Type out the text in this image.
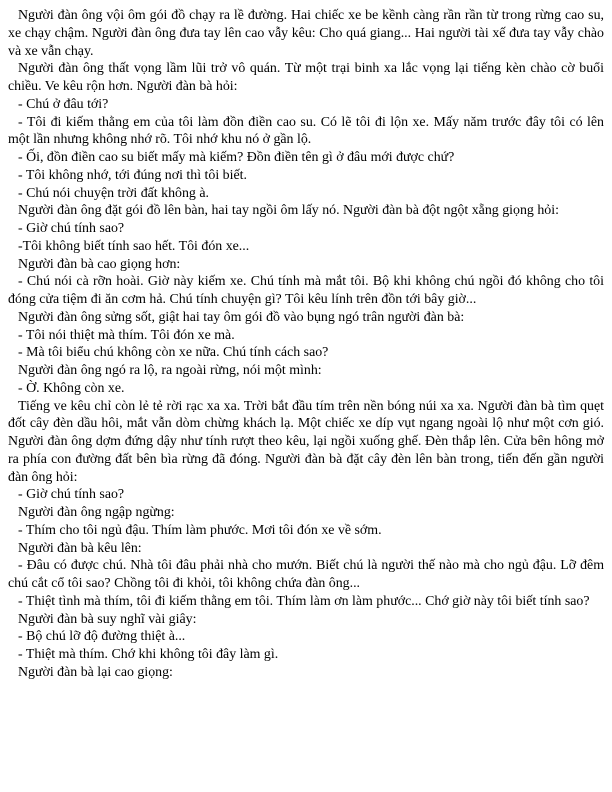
Người đàn ông vội ôm gói đồ chạy ra lề đường. Hai chiếc xe be kềnh càng rần rần từ trong rừng cao su, xe chạy chậm. Người đàn ông đưa tay lên cao vẫy kêu: Cho quá giang... Hai người tài xế đưa tay vẫy chào và xe vẫn chạy.

Người đàn ông thất vọng lầm lũi trở vô quán. Từ một trại binh xa lắc vọng lại tiếng kèn chào cờ buổi chiều. Ve kêu rộn hơn. Người đàn bà hỏi:

- Chú ở đâu tới?

- Tôi đi kiếm thằng em của tôi làm đồn điền cao su. Có lẽ tôi đi lộn xe. Mấy năm trước đây tôi có lên một lần nhưng không nhớ rõ. Tôi nhớ khu nó ở gần lộ.

- Ối, đồn điền cao su biết mấy mà kiếm? Đồn điền tên gì ở đâu mới được chứ?

- Tôi không nhớ, tới đúng nơi thì tôi biết.

- Chú nói chuyện trời đất không à.

Người đàn ông đặt gói đồ lên bàn, hai tay ngồi ôm lấy nó. Người đàn bà đột ngột xẵng giọng hỏi:

- Giờ chú tính sao?

-Tôi không biết tính sao hết. Tôi đón xe...

Người đàn bà cao giọng hơn:

- Chú nói cà rỡn hoài. Giờ này kiếm xe. Chú tính mà mắt tôi. Bộ khi không chú ngồi đó không cho tôi đóng cửa tiệm đi ăn cơm hả. Chú tính chuyện gì? Tôi kêu lính trên đồn tới bây giờ...

Người đàn ông sửng sốt, giật hai tay ôm gói đồ vào bụng ngó trân người đàn bà:

- Tôi nói thiệt mà thím. Tôi đón xe mà.

- Mà tôi biểu chú không còn xe nữa. Chú tính cách sao?

Người đàn ông ngó ra lộ, ra ngoài rừng, nói một mình:

- Ờ. Không còn xe.

Tiếng ve kêu chỉ còn lẻ tẻ rời rạc xa xa. Trời bắt đầu tím trên nền bóng núi xa xa. Người đàn bà tìm quẹt đốt cây đèn dầu hôi, mắt vẫn dòm chừng khách lạ. Một chiếc xe díp vụt ngang ngoài lộ như một cơn gió. Người đàn ông dợm đứng dậy như tính rượt theo kêu, lại ngồi xuống ghế. Đèn thắp lên. Cửa bên hông mở ra phía con đường đất bên bìa rừng đã đóng. Người đàn bà đặt cây đèn lên bàn trong, tiến đến gần người đàn ông hỏi:

- Giờ chú tính sao?

Người đàn ông ngập ngừng:

- Thím cho tôi ngủ đậu. Thím làm phước. Mơi tôi đón xe về sớm.

Người đàn bà kêu lên:

- Đâu có được chú. Nhà tôi đâu phải nhà cho mướn. Biết chú là người thế nào mà cho ngủ đậu. Lỡ đêm chú cắt cổ tôi sao? Chồng tôi đi khỏi, tôi không chứa đàn ông...

- Thiệt tình mà thím, tôi đi kiếm thằng em tôi. Thím làm ơn làm phước... Chớ giờ này tôi biết tính sao?

Người đàn bà suy nghĩ vài giây:

- Bộ chú lỡ độ đường thiệt à...

- Thiệt mà thím. Chớ khi không tôi đây làm gì.

Người đàn bà lại cao giọng:
